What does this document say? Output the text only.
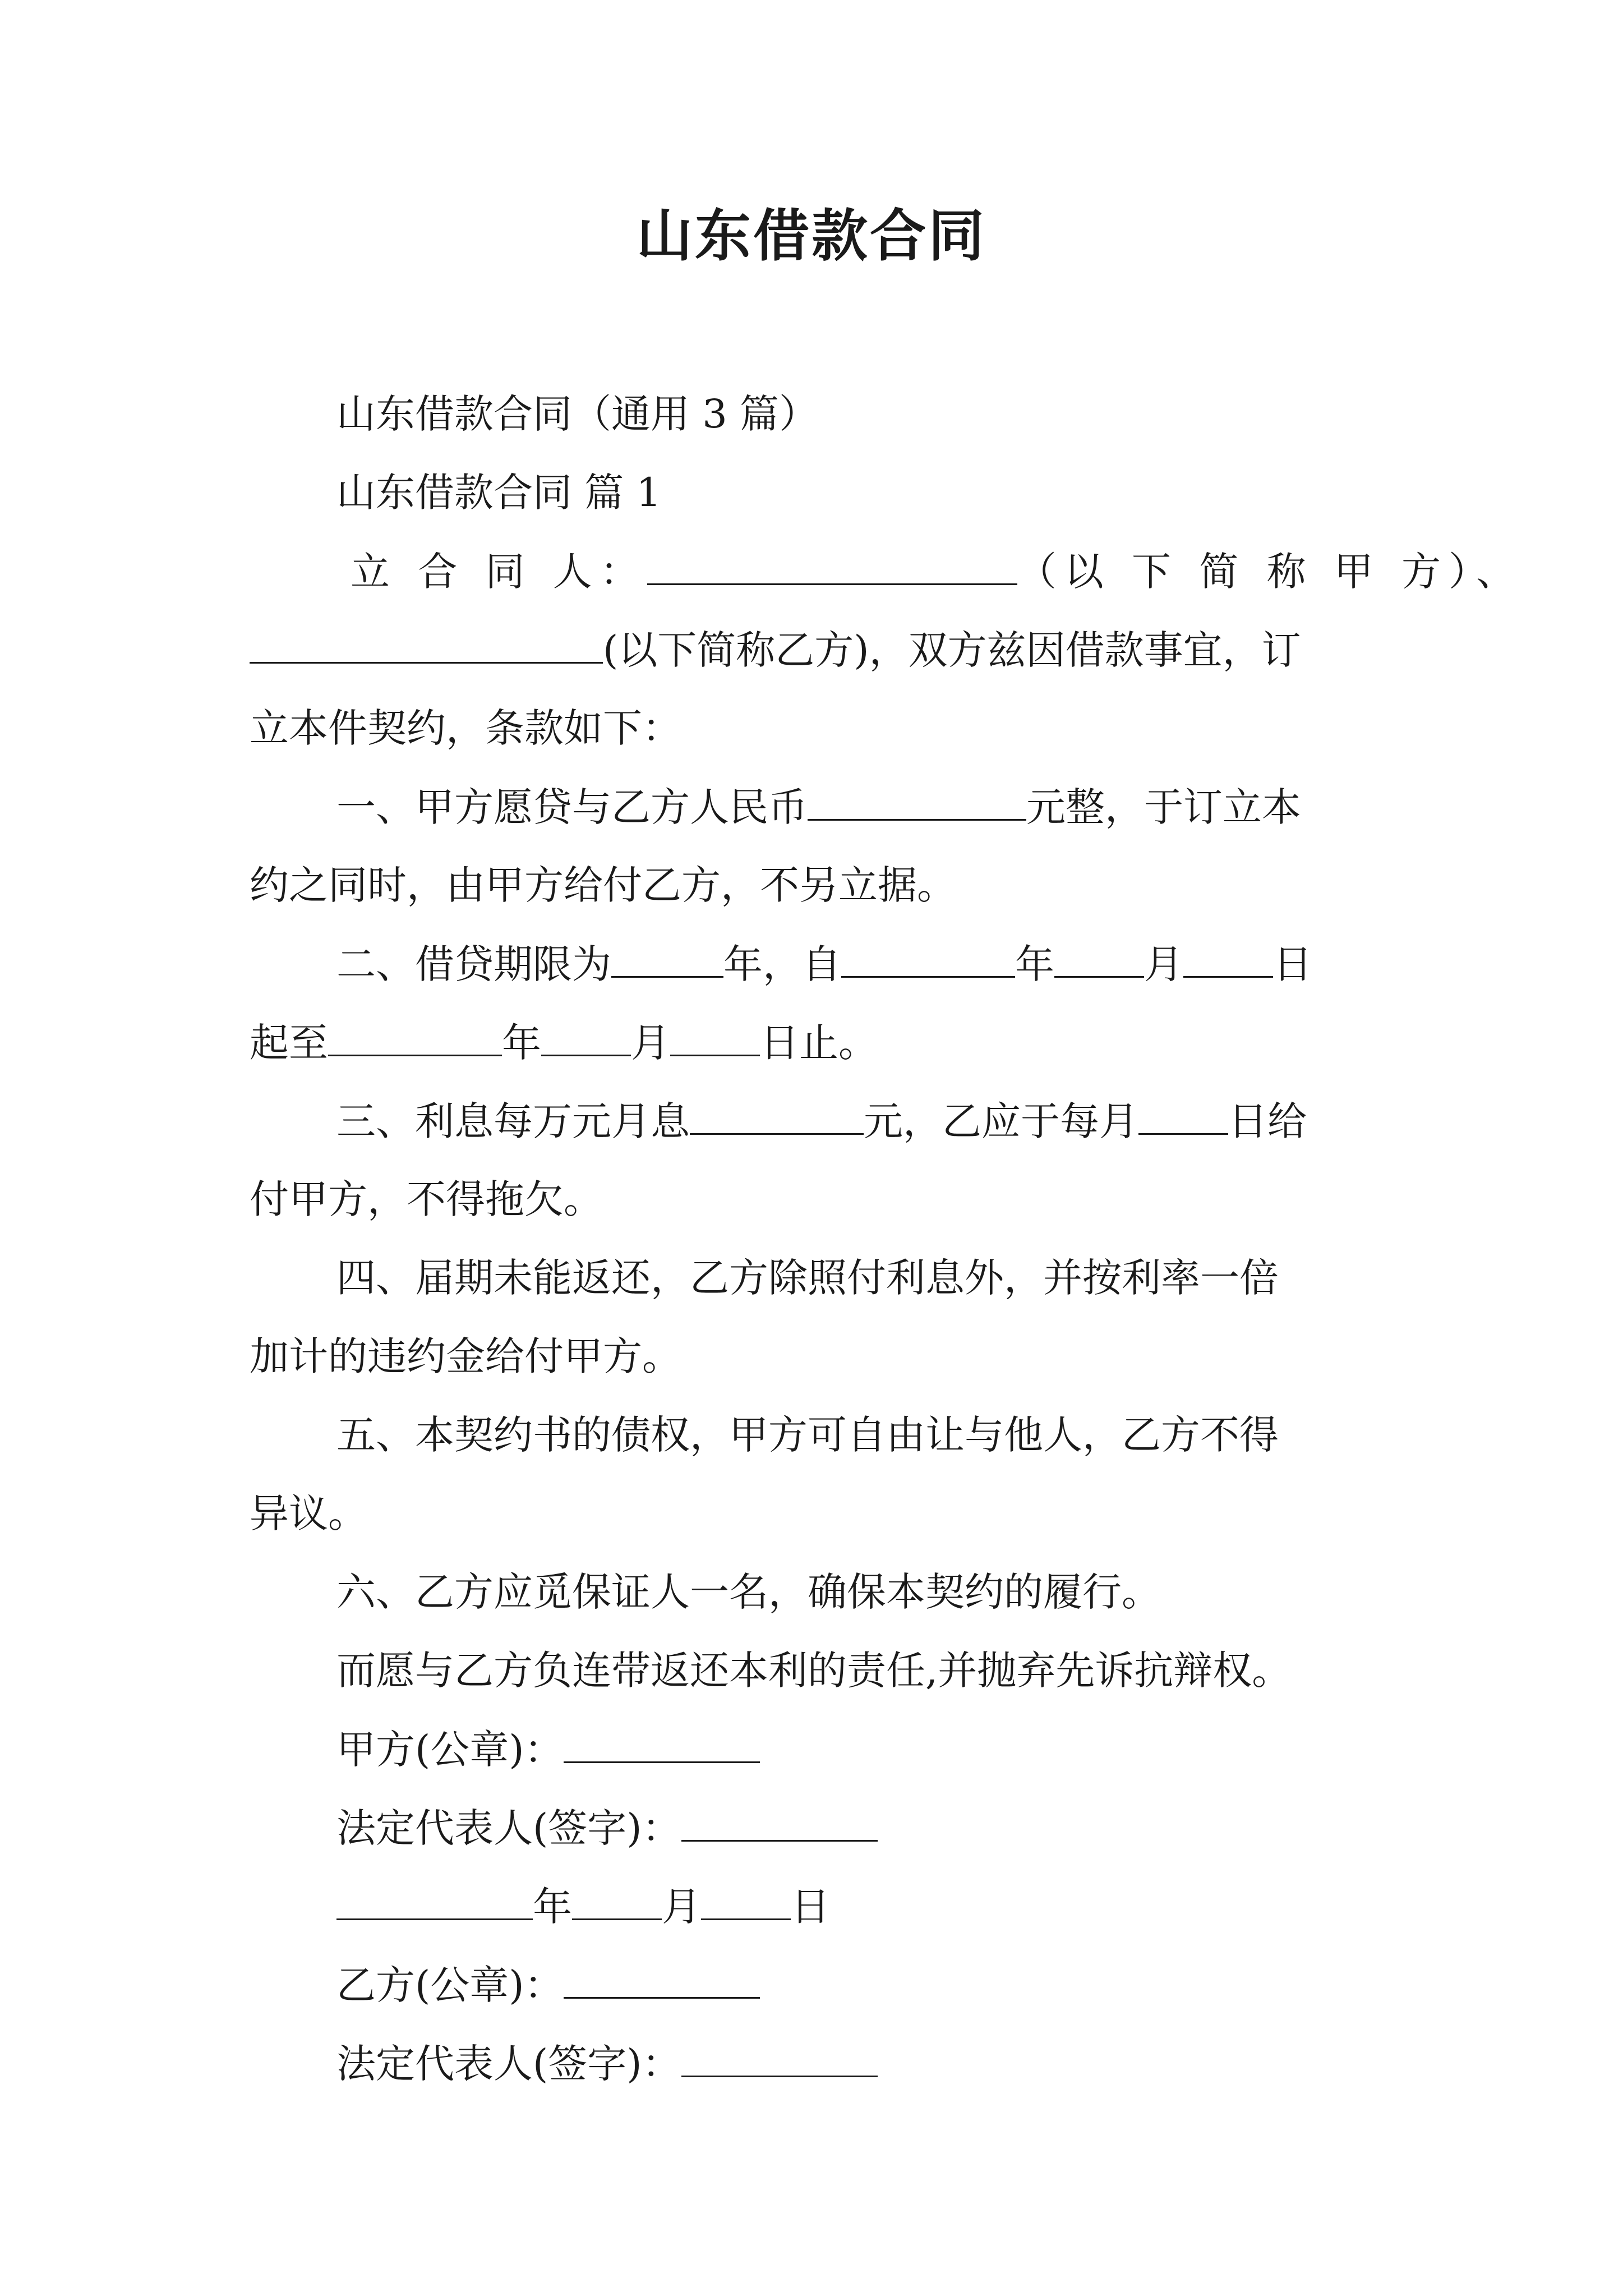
山东借款合同
山东借款合同（通用 3 篇）
山东借款合同 篇 1
立 合 同 人：	（以 下 简 称 甲 方）、
(以下简称乙方)，双方兹因借款事宜，订
立本件契约，条款如下：
一、甲方愿贷与乙方人民币	元整，于订立本
约之同时，由甲方给付乙方，不另立据。
二、借贷期限为	年，自	年 月 日
起至	年 月 日止。
三、利息每万元月息	元，乙应于每月 日给
付甲方，不得拖欠。
四、届期未能返还，乙方除照付利息外，并按利率一倍
加计的违约金给付甲方。
五、本契约书的债权，甲方可自由让与他人，乙方不得
异议。
六、乙方应觅保证人一名，确保本契约的履行。
而愿与乙方负连带返还本利的责任,并抛弃先诉抗辩权。
甲方(公章)：
法定代表人(签字)：
年 月 日
乙方(公章)：
法定代表人(签字)：
